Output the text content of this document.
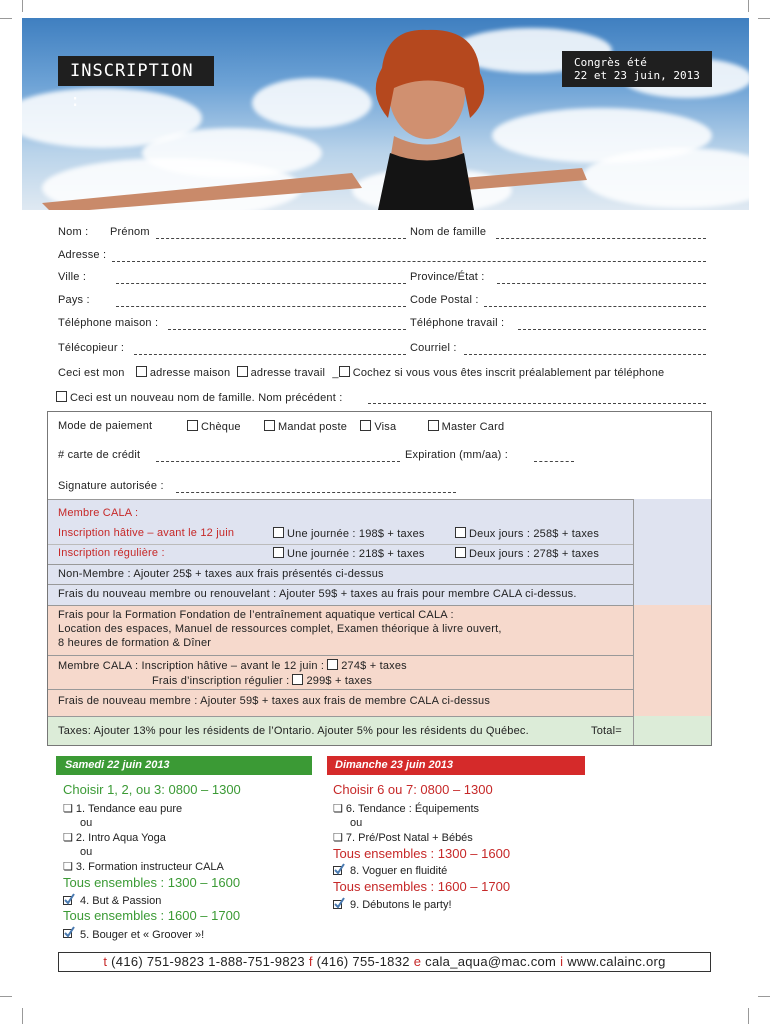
INSCRIPTION :
Congrès été
22 et 23 juin, 2013
Nom : Prénom	Nom de famille
Adresse :
Ville :	Province/État :
Pays :	Code Postal :
Téléphone maison :	Téléphone travail :
Télécopieur :	Courriel :
Ceci est mon adresse maison adresse travail _ Cochez si vous vous êtes inscrit préalablement par téléphone
Ceci est un nouveau nom de famille. Nom précédent :
Mode de paiement	Chèque	Mandat poste Visa	Master Card
# carte de crédit	Expiration (mm/aa) :
Signature autorisée :
Membre CALA :
Inscription hâtive – avant le 12 juin	Une journée : 198$ + taxes	Deux jours : 258$ + taxes
Inscription régulière :	Une journée : 218$ + taxes	Deux jours : 278$ + taxes
Non-Membre : Ajouter 25$ + taxes aux frais présentés ci-dessus
Frais du nouveau membre ou renouvelant : Ajouter 59$ + taxes au frais pour membre CALA ci-dessus.
Frais pour la Formation Fondation de l’entraînement aquatique vertical CALA :
Location des espaces, Manuel de ressources complet, Examen théorique à livre ouvert,
8 heures de formation & Dîner
Membre CALA : Inscription hâtive – avant le 12 juin : 274$ + taxes
Frais d’inscription régulier : 299$ + taxes
Frais de nouveau membre : Ajouter 59$ + taxes aux frais de membre CALA ci-dessus
Taxes: Ajouter 13% pour les résidents de l’Ontario. Ajouter 5% pour les résidents du Québec.	Total=
Samedi 22 juin 2013
Choisir 1, 2, ou 3: 0800 – 1300
❏ 1. Tendance eau pure
ou
❏ 2. Intro Aqua Yoga
ou
❏ 3. Formation instructeur CALA
Tous ensembles : 1300 – 1600
4. But & Passion
Tous ensembles : 1600 – 1700
5. Bouger et « Groover »!
Dimanche 23 juin 2013
Choisir 6 ou 7: 0800 – 1300
❏ 6. Tendance : Équipements
ou
❏ 7. Pré/Post Natal + Bébés
Tous ensembles : 1300 – 1600
8. Voguer en fluidité
Tous ensembles : 1600 – 1700
9. Débutons le party!
t (416) 751-9823 1-888-751-9823 f (416) 755-1832 e cala_aqua@mac.com i www.calainc.org
